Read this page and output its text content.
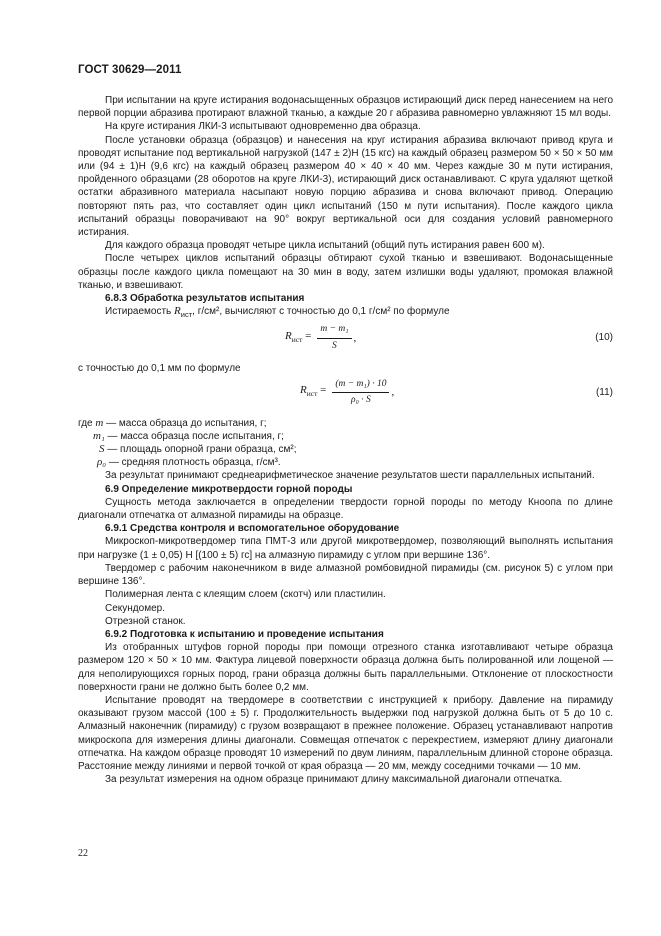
ГОСТ 30629—2011

При испытании на круге истирания водонасыщенных образцов истирающий диск перед нанесением на него первой порции абразива протирают влажной тканью, а каждые 20 г абразива равномерно увлажняют 15 мл воды.

На круге истирания ЛКИ-3 испытывают одновременно два образца.

После установки образца (образцов) и нанесения на круг истирания абразива включают привод круга и проводят испытание под вертикальной нагрузкой (147 ± 2)Н (15 кгс) на каждый образец размером 50 × 50 × 50 мм или (94 ± 1)Н (9,6 кгс) на каждый образец размером 40 × 40 × 40 мм. Через каждые 30 м пути истирания, пройденного образцами (28 оборотов на круге ЛКИ-3), истирающий диск останавливают. С круга удаляют щеткой остатки абразивного материала насыпают новую порцию абразива и снова включают привод. Операцию повторяют пять раз, что составляет один цикл испытаний (150 м пути испытания). После каждого цикла испытаний образцы поворачивают на 90° вокруг вертикальной оси для создания условий равномерного истирания.

Для каждого образца проводят четыре цикла испытаний (общий путь истирания равен 600 м).

После четырех циклов испытаний образцы обтирают сухой тканью и взвешивают. Водонасыщенные образцы после каждого цикла помещают на 30 мин в воду, затем излишки воды удаляют, промокая влажной тканью, и взвешивают.

6.8.3 Обработка результатов испытания

Истираемость $R_{ист}$, г/см², вычисляют с точностью до 0,1 г/см² по формуле

$R_{ист} = \frac{\text{m − m₁}}{S}$ ,	(10)

с точностью до 0,1 мм по формуле

$R_{ист} = \frac{\text{(m − m₁) · 10}}{\text{ρ₀ · S}}$ ,	(11)

где m — масса образца до испытания, г;

m₁ — масса образца после испытания, г;

S — площадь опорной грани образца, см²;

ρ₀ — средняя плотность образца, г/см³.

За результат принимают среднеарифметическое значение результатов шести параллельных испытаний.

6.9 Определение микротвердости горной породы

Сущность метода заключается в определении твердости горной породы по методу Кноопа по длине диагонали отпечатка от алмазной пирамиды на образце.

6.9.1 Средства контроля и вспомогательное оборудование

Микроскоп-микротвердомер типа ПМТ-3 или другой микротвердомер, позволяющий выполнять испытания при нагрузке (1 ± 0,05) Н [(100 ± 5) гс] на алмазную пирамиду с углом при вершине 136°.

Твердомер с рабочим наконечником в виде алмазной ромбовидной пирамиды (см. рисунок 5) с углом при вершине 136°.

Полимерная лента с клеящим слоем (скотч) или пластилин.

Секундомер.

Отрезной станок.

6.9.2 Подготовка к испытанию и проведение испытания

Из отобранных штуфов горной породы при помощи отрезного станка изготавливают четыре образца размером 120 × 50 × 10 мм. Фактура лицевой поверхности образца должна быть полированной или лощеной — для неполирующихся горных пород, грани образца должны быть параллельными. Отклонение от плоскостности поверхности грани не должно быть более 0,2 мм.

Испытание проводят на твердомере в соответствии с инструкцией к прибору. Давление на пирамиду оказывают грузом массой (100 ± 5) г. Продолжительность выдержки под нагрузкой должна быть от 5 до 10 с. Алмазный наконечник (пирамиду) с грузом возвращают в прежнее положение. Образец устанавливают напротив микроскопа для измерения длины диагонали. Совмещая отпечаток с перекрестием, измеряют длину диагонали отпечатка. На каждом образце проводят 10 измерений по двум линиям, параллельным длинной стороне образца. Расстояние между линиями и первой точкой от края образца — 20 мм, между соседними точками — 10 мм.

За результат измерения на одном образце принимают длину максимальной диагонали отпечатка.

22
